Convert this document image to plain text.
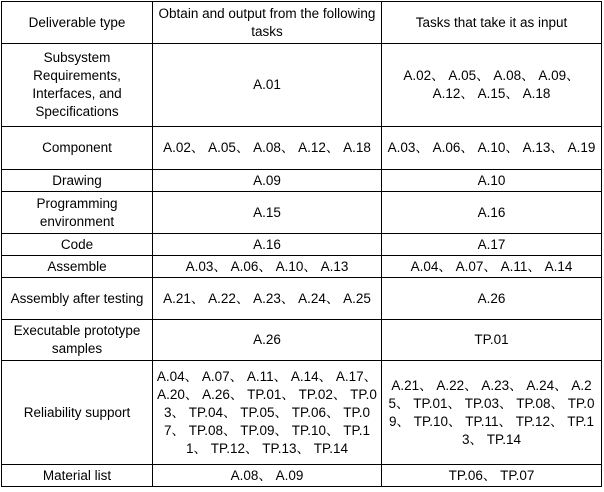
Deliverable type	Obtain and output from the following tasks	Tasks that take it as input
Subsystem Requirements, Interfaces, and Specifications	A.01	A.02、 A.05、 A.08、 A.09、 A.12、 A.15、 A.18
Component	A.02、 A.05、 A.08、 A.12、 A.18	A.03、 A.06、 A.10、 A.13、 A.19
Drawing	A.09	A.10
Programming environment	A.15	A.16
Code	A.16	A.17
Assemble	A.03、 A.06、 A.10、 A.13	A.04、 A.07、 A.11、 A.14
Assembly after testing	A.21、 A.22、 A.23、 A.24、 A.25	A.26
Executable prototype samples	A.26	TP.01
Reliability support	A.04、 A.07、 A.11、 A.14、 A.17、 A.20、 A.26、 TP.01、 TP.02、 TP.03、 TP.04、 TP.05、 TP.06、 TP.07、 TP.08、 TP.09、 TP.10、 TP.11、 TP.12、 TP.13、 TP.14	A.21、 A.22、 A.23、 A.24、 A.25、 TP.01、 TP.03、 TP.08、 TP.09、 TP.10、 TP.11、 TP.12、 TP.13、 TP.14
Material list	A.08、 A.09	TP.06、 TP.07
